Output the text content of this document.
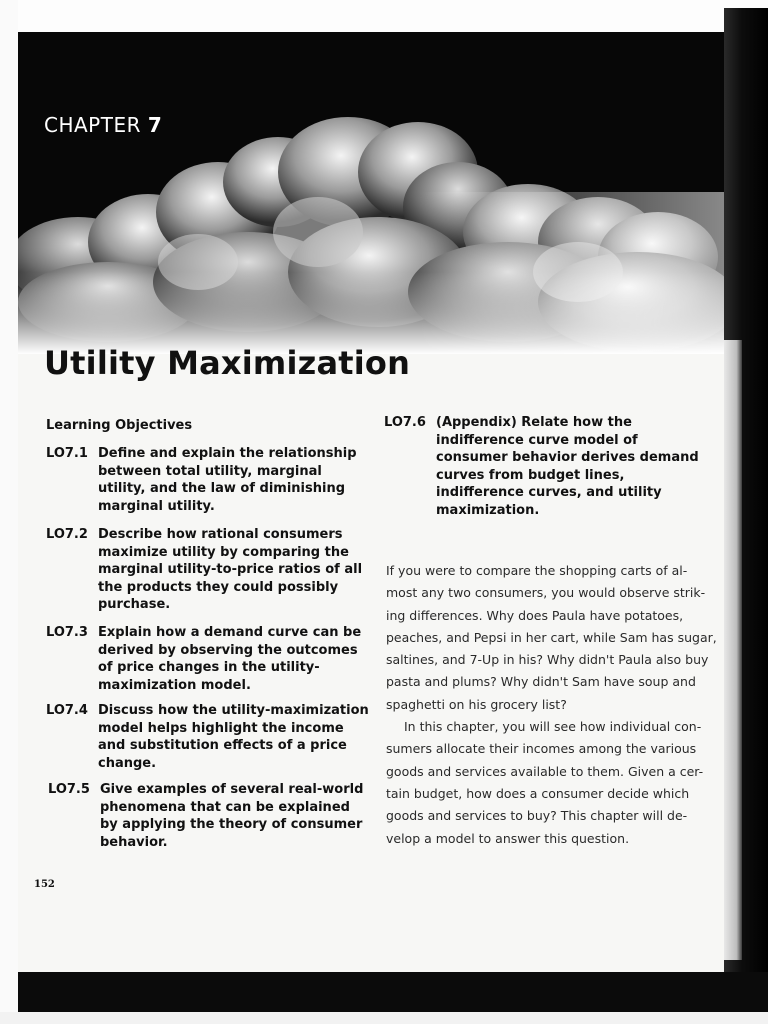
CHAPTER 7
Utility Maximization
Learning Objectives
LO7.1 Define and explain the relationship
between total utility, marginal
utility, and the law of diminishing
marginal utility.
LO7.2 Describe how rational consumers
maximize utility by comparing the
marginal utility-to-price ratios of all
the products they could possibly
purchase.
LO7.3 Explain how a demand curve can be
derived by observing the outcomes
of price changes in the utility-
maximization model.
LO7.4 Discuss how the utility-maximization
model helps highlight the income
and substitution effects of a price
change.
LO7.5 Give examples of several real-world
phenomena that can be explained
by applying the theory of consumer
behavior.
LO7.6 (Appendix) Relate how the
indifference curve model of
consumer behavior derives demand
curves from budget lines,
indifference curves, and utility
maximization.

If you were to compare the shopping carts of al-

most any two consumers, you would observe strik-

ing differences. Why does Paula have potatoes,

peaches, and Pepsi in her cart, while Sam has sugar,

saltines, and 7-Up in his? Why didn't Paula also buy

pasta and plums? Why didn't Sam have soup and

spaghetti on his grocery list?

In this chapter, you will see how individual con-

sumers allocate their incomes among the various

goods and services available to them. Given a cer-

tain budget, how does a consumer decide which

goods and services to buy? This chapter will de-

velop a model to answer this question.

152
